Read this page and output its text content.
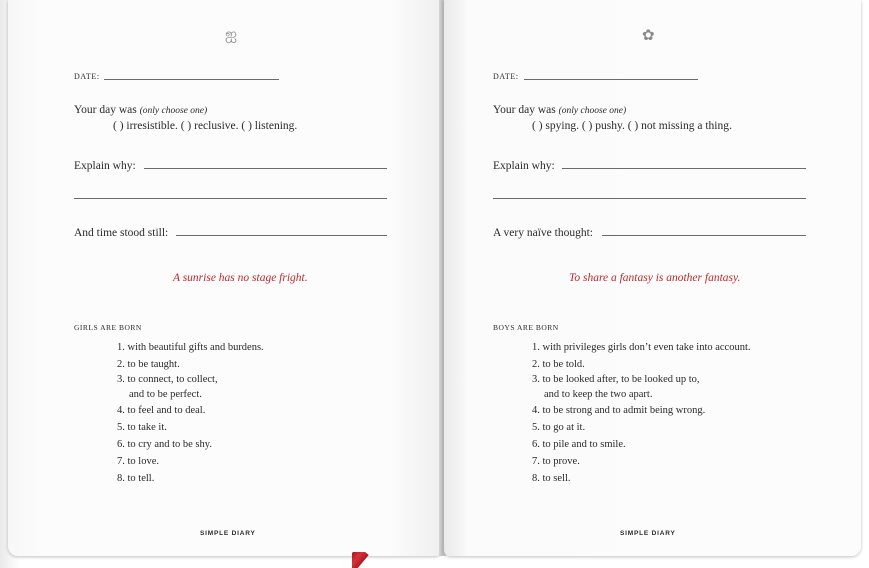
ஐ
DATE:
Your day was (only choose one)
( ) irresistible. ( ) reclusive. ( ) listening.
Explain why:
And time stood still:
A sunrise has no stage fright.
GIRLS ARE BORN
1. with beautiful gifts and burdens.
2. to be taught.
3. to connect, to collect,
and to be perfect.
4. to feel and to deal.
5. to take it.
6. to cry and to be shy.
7. to love.
8. to tell.
SIMPLE DIARY
✿
DATE:
Your day was (only choose one)
( ) spying. ( ) pushy. ( ) not missing a thing.
Explain why:
A very naïve thought:
To share a fantasy is another fantasy.
BOYS ARE BORN
1. with privileges girls don’t even take into account.
2. to be told.
3. to be looked after, to be looked up to,
and to keep the two apart.
4. to be strong and to admit being wrong.
5. to go at it.
6. to pile and to smile.
7. to prove.
8. to sell.
SIMPLE DIARY
